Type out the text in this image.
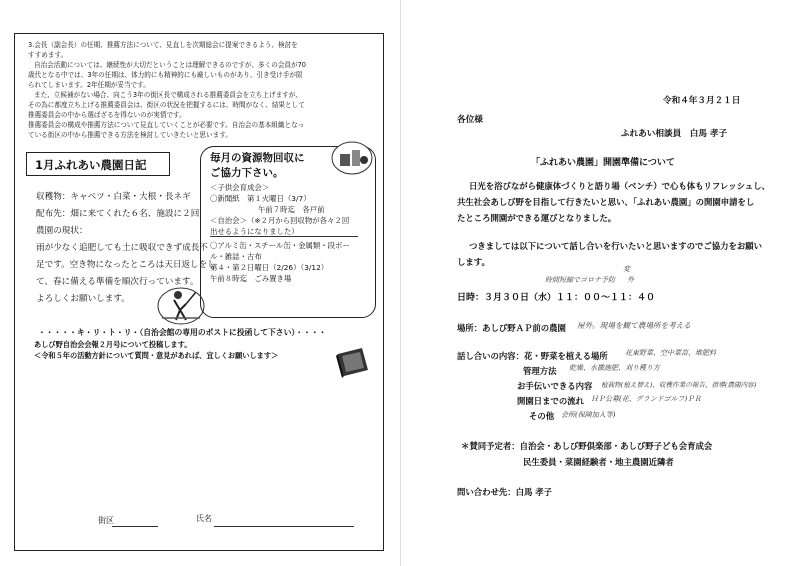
3.会長（副会長）の任期、推薦方法について、見直しを次期総会に提案できるよう、検討を

すすめます。

自治会活動については、継続性が大切だということは理解できるのですが、多くの会員が70

歳代となる中では、3年の任期は、体力的にも精神的にも厳しいものがあり、引き受け手が限

られてしまいます。2年任期が妥当です。

また、立候補がない場合、向こう3年の街区長で構成される推薦委員会を立ち上げますが、

その為に都度立ち上げる推薦委員会は、街区の状況を把握するには、時間がなく、結果として

推薦委員会の中から選ばざるを得ないのが実情です。

推薦委員会の構成や推薦方法について見直していくことが必要です。自治会の基本組織となっ

ている街区の中から推薦できる方法を検討していきたいと思います。

1月ふれあい農園日記

収穫物：キャベツ・白菜・大根・長ネギ

配布先：畑に来てくれた６名、施設に２回

農園の現状：

雨が少なく追肥しても土に吸収できず成長不

足です。空き物になったところは天日返しをし

て、春に備える準備を順次行っています。

よろしくお願いします。

毎月の資源物回収に

ご協力下さい。

＜子供会育成会＞

〇新聞紙　第１火曜日（3/7）

午前７時迄　各戸前

＜自治会＞（※２月から回収物が各々２回

出せるようになりました）

〇アルミ缶・スチール缶・金属類・段ボー

ル・雑誌・古布

第４・第２日曜日（2/26）（3/12）

午前８時迄　ごみ置き場

・・・・・キ・リ・ト・リ・（自治会館の専用のポストに投函して下さい）・・・・

あしび野自治会会報２月号について投稿します。

＜令和５年の活動方針について質問・意見があれば、宜しくお願いします＞

街区	氏名

令和４年３月２１日

各位様

ふれあい相談員　白馬 孝子

「ふれあい農園」開園準備について

日光を浴びながら健康体づくりと語り場（ベンチ）で心も体もリフレッシュし、

共生社会あしび野を目指して行きたいと思い、「ふれあい農園」の開園申請をし

たところ開園ができる運びとなりました。

つきましては以下について話し合いを行いたいと思いますのでご協力をお願い

します。

時間短縮でコロナ予防 外

変

日時：３月３０日（水）１１：００〜１１：４０

場所：あしび野ＡＰ前の農園 屋外。現場を観て農場所を考える

話し合いの内容：花・野菜を植える場所 花東野菜、空中菜苗、堆肥料

管理方法 乾燥、水撒施肥、刈り穫り方

お手伝いできる内容 植栽物(植え替え)、収穫作業の報告、指導(農園内容)

開園日までの流れ ＨＰ公募(花、グランドゴルフ)ＰＲ

その他 会所(保険加入等)

＊賛同予定者：自治会・あしび野倶楽部・あしび野子ども会育成会

民生委員・菜園経験者・地主農園近隣者

問い合わせ先：白馬 孝子
